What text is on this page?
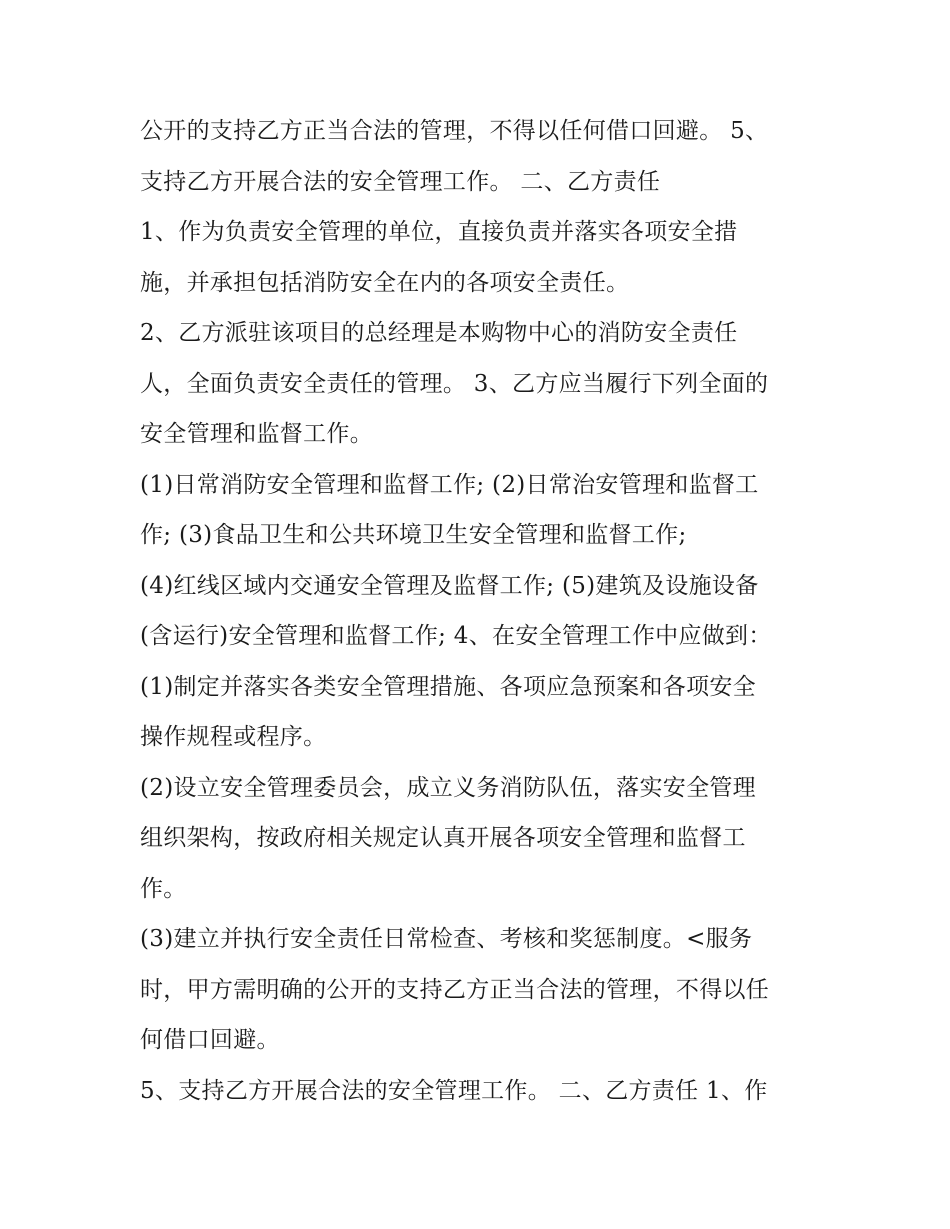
公开的支持乙方正当合法的管理，不得以任何借口回避。 5、
支持乙方开展合法的安全管理工作。 二、乙方责任
1、作为负责安全管理的单位，直接负责并落实各项安全措
施，并承担包括消防安全在内的各项安全责任。
2、乙方派驻该项目的总经理是本购物中心的消防安全责任
人，全面负责安全责任的管理。 3、乙方应当履行下列全面的
安全管理和监督工作。
(1)日常消防安全管理和监督工作; (2)日常治安管理和监督工
作; (3)食品卫生和公共环境卫生安全管理和监督工作;
(4)红线区域内交通安全管理及监督工作; (5)建筑及设施设备
(含运行)安全管理和监督工作; 4、在安全管理工作中应做到：
(1)制定并落实各类安全管理措施、各项应急预案和各项安全
操作规程或程序。
(2)设立安全管理委员会，成立义务消防队伍，落实安全管理
组织架构，按政府相关规定认真开展各项安全管理和监督工
作。
(3)建立并执行安全责任日常检查、考核和奖惩制度。<服务
时，甲方需明确的公开的支持乙方正当合法的管理，不得以任
何借口回避。
5、支持乙方开展合法的安全管理工作。 二、乙方责任 1、作
